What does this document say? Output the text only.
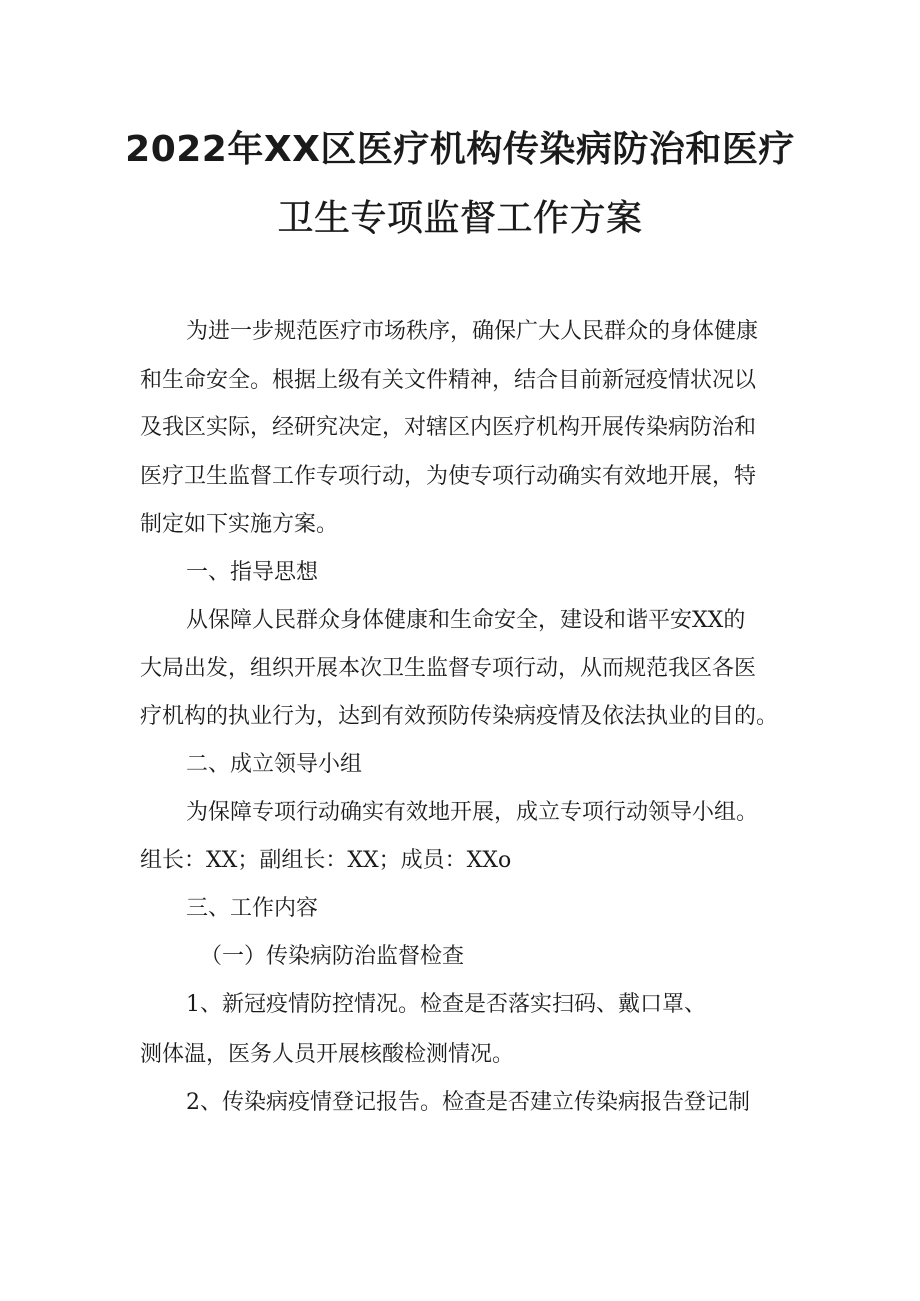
2022年XX区医疗机构传染病防治和医疗
卫生专项监督工作方案
为进一步规范医疗市场秩序，确保广大人民群众的身体健康
和生命安全。根据上级有关文件精神，结合目前新冠疫情状况以
及我区实际，经研究决定，对辖区内医疗机构开展传染病防治和
医疗卫生监督工作专项行动，为使专项行动确实有效地开展，特
制定如下实施方案。
一、指导思想
从保障人民群众身体健康和生命安全，建设和谐平安XX的
大局出发，组织开展本次卫生监督专项行动，从而规范我区各医
疗机构的执业行为，达到有效预防传染病疫情及依法执业的目的。
二、成立领导小组
为保障专项行动确实有效地开展，成立专项行动领导小组。
组长：XX；副组长：XX；成员：XXo
三、工作内容
（一）传染病防治监督检查
1、新冠疫情防控情况。检查是否落实扫码、戴口罩、
测体温，医务人员开展核酸检测情况。
2、传染病疫情登记报告。检查是否建立传染病报告登记制
